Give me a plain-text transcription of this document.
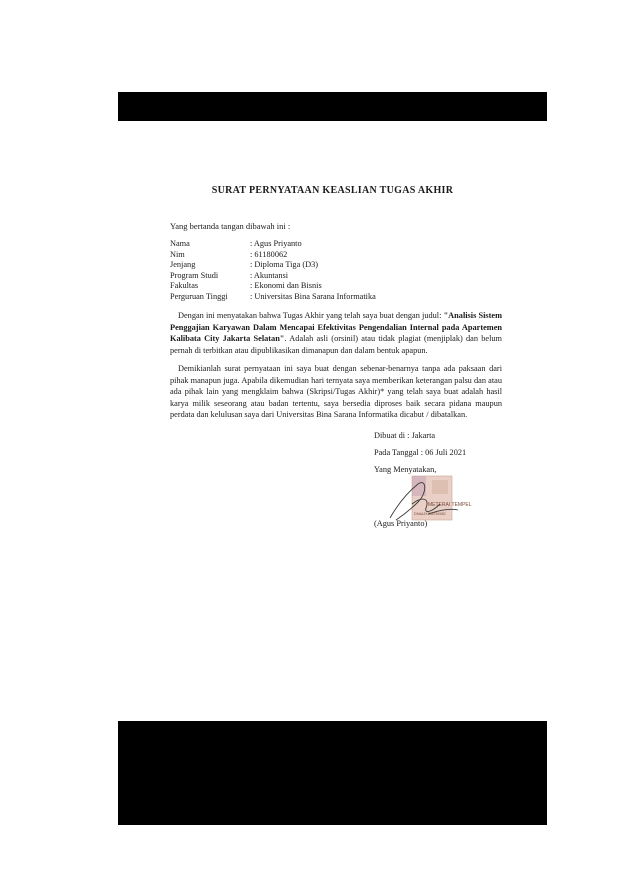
SURAT PERNYATAAN KEASLIAN TUGAS AKHIR
Yang bertanda tangan dibawah ini :
Nama	: Agus Priyanto
Nim	: 61180062
Jenjang	: Diploma Tiga (D3)
Program Studi	: Akuntansi
Fakultas	: Ekonomi dan Bisnis
Perguruan Tinggi	: Universitas Bina Sarana Informatika
Dengan ini menyatakan bahwa Tugas Akhir yang telah saya buat dengan judul: "Analisis Sistem Penggajian Karyawan Dalam Mencapai Efektivitas Pengendalian Internal pada Apartemen Kalibata City Jakarta Selatan". Adalah asli (orsinil) atau tidak plagiat (menjiplak) dan belum pernah di terbitkan atau dipublikasikan dimanapun dan dalam bentuk apapun.
Demikianlah surat pernyataan ini saya buat dengan sebenar-benarnya tanpa ada paksaan dari pihak manapun juga. Apabila dikemudian hari ternyata saya memberikan keterangan palsu dan atau ada pihak lain yang mengklaim bahwa (Skripsi/Tugas Akhir)* yang telah saya buat adalah hasil karya milik seseorang atau badan tertentu, saya bersedia diproses baik secara pidana maupun perdata dan kelulusan saya dari Universitas Bina Sarana Informatika dicabut / dibatalkan.
Dibuat di : Jakarta
Pada Tanggal : 06 Juli 2021
Yang Menyatakan,
METERAI TEMPEL
D9AAJX358760482
(Agus Priyanto)
